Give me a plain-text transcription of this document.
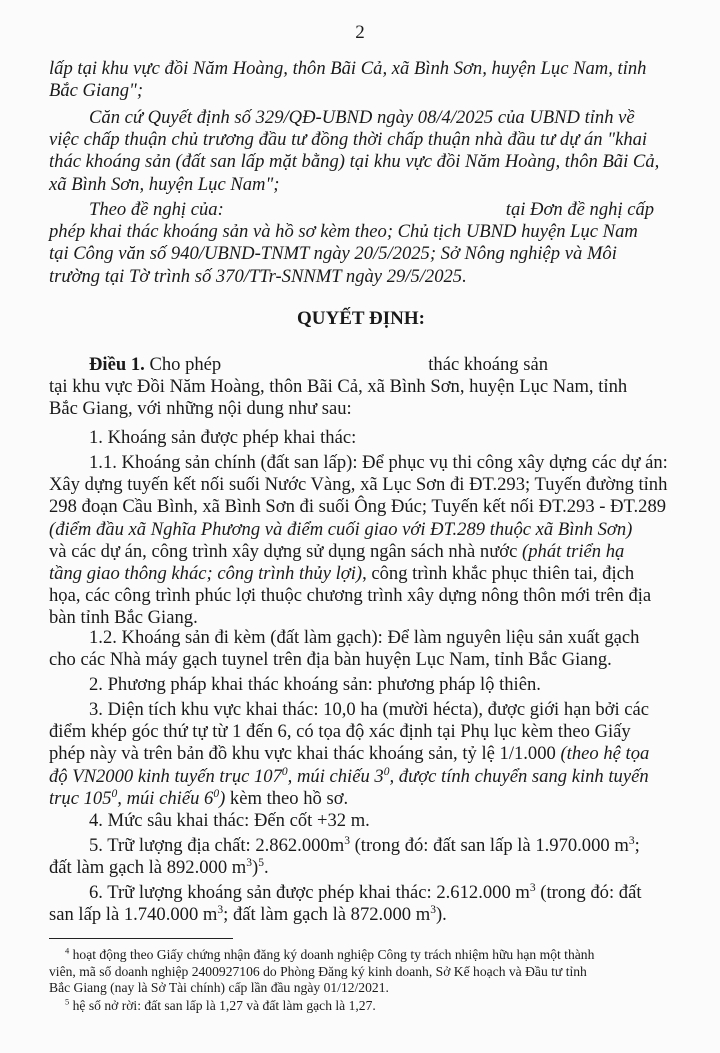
2

lấp tại khu vực đồi Năm Hoàng, thôn Bãi Cả, xã Bình Sơn, huyện Lục Nam, tỉnh
Bắc Giang";

Căn cứ Quyết định số 329/QĐ-UBND ngày 08/4/2025 của UBND tỉnh về
việc chấp thuận chủ trương đầu tư đồng thời chấp thuận nhà đầu tư dự án "khai
thác khoáng sản (đất san lấp mặt bằng) tại khu vực đồi Năm Hoàng, thôn Bãi Cả,
xã Bình Sơn, huyện Lục Nam";

Theo đề nghị của:	tại Đơn đề nghị cấp
phép khai thác khoáng sản và hồ sơ kèm theo; Chủ tịch UBND huyện Lục Nam
tại Công văn số 940/UBND-TNMT ngày 20/5/2025; Sở Nông nghiệp và Môi
trường tại Tờ trình số 370/TTr-SNNMT ngày 29/5/2025.

QUYẾT ĐỊNH:

Điều 1. Cho phép	thác khoáng sản
tại khu vực Đồi Năm Hoàng, thôn Bãi Cả, xã Bình Sơn, huyện Lục Nam, tỉnh
Bắc Giang, với những nội dung như sau:

1. Khoáng sản được phép khai thác:

1.1. Khoáng sản chính (đất san lấp): Để phục vụ thi công xây dựng các dự án:
Xây dựng tuyến kết nối suối Nước Vàng, xã Lục Sơn đi ĐT.293; Tuyến đường tỉnh
298 đoạn Cầu Bình, xã Bình Sơn đi suối Ông Đúc; Tuyến kết nối ĐT.293 - ĐT.289
(điểm đầu xã Nghĩa Phương và điểm cuối giao với ĐT.289 thuộc xã Bình Sơn)
và các dự án, công trình xây dựng sử dụng ngân sách nhà nước (phát triển hạ
tầng giao thông khác; công trình thủy lợi), công trình khắc phục thiên tai, địch
họa, các công trình phúc lợi thuộc chương trình xây dựng nông thôn mới trên địa
bàn tỉnh Bắc Giang.

1.2. Khoáng sản đi kèm (đất làm gạch): Để làm nguyên liệu sản xuất gạch
cho các Nhà máy gạch tuynel trên địa bàn huyện Lục Nam, tỉnh Bắc Giang.

2. Phương pháp khai thác khoáng sản: phương pháp lộ thiên.

3. Diện tích khu vực khai thác: 10,0 ha (mười hécta), được giới hạn bởi các
điểm khép góc thứ tự từ 1 đến 6, có tọa độ xác định tại Phụ lục kèm theo Giấy
phép này và trên bản đồ khu vực khai thác khoáng sản, tỷ lệ 1/1.000 (theo hệ tọa
độ VN2000 kinh tuyến trục $107^0$, múi chiếu $3^0$, được tính chuyển sang kinh tuyến
trục $105^0$, múi chiếu $6^0$) kèm theo hồ sơ.

4. Mức sâu khai thác: Đến cốt +32 m.

5. Trữ lượng địa chất: $2.862.000m^3$ (trong đó: đất san lấp là 1.970.000 $m^3$;
đất làm gạch là 892.000 $m^3)^5$.

6. Trữ lượng khoáng sản được phép khai thác: 2.612.000 $m^3$ (trong đó: đất
san lấp là 1.740.000 $m^3$; đất làm gạch là 872.000 $m^3$).

$^4$ hoạt động theo Giấy chứng nhận đăng ký doanh nghiệp Công ty trách nhiệm hữu hạn một thành
viên, mã số doanh nghiệp 2400927106 do Phòng Đăng ký kinh doanh, Sở Kế hoạch và Đầu tư tỉnh
Bắc Giang (nay là Sở Tài chính) cấp lần đầu ngày 01/12/2021.

$^5$ hệ số nở rời: đất san lấp là 1,27 và đất làm gạch là 1,27.
